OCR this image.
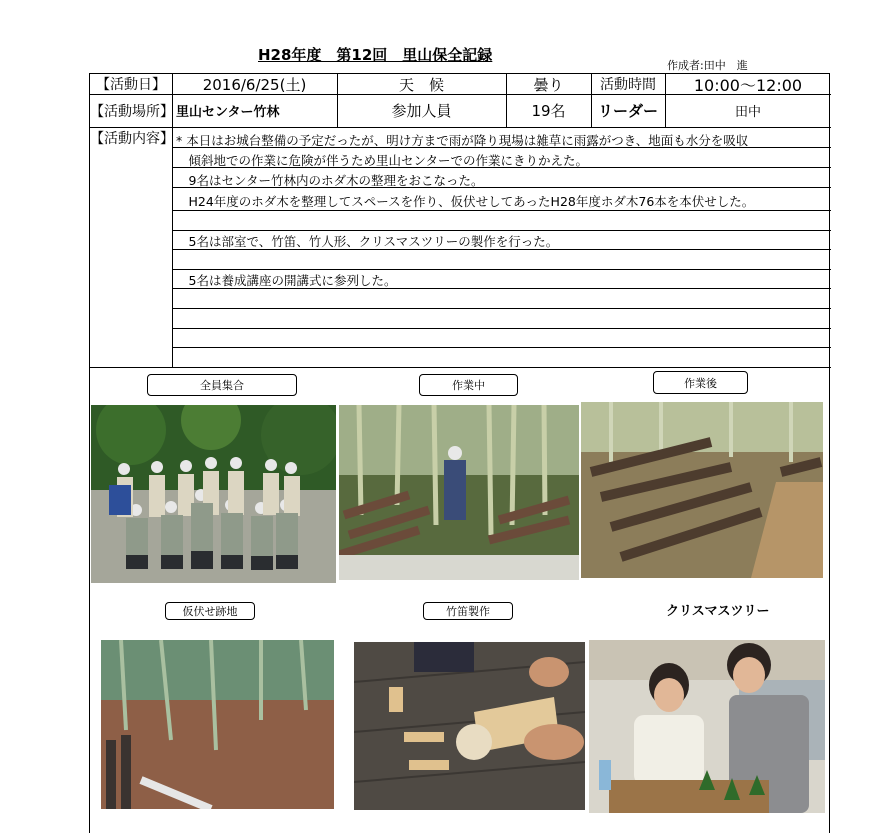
H28年度　第12回　里山保全記録
作成者:田中　進
【活動日】	2016/6/25(土)	天　候	曇り	活動時間	10:00〜12:00
【活動場所】 里山センター竹林	参加人員	19名	リーダー	田中
【活動内容】 * 本日はお城台整備の予定だったが、明け方まで雨が降り現場は雑草に雨露がつき、地面も水分を吸収
　傾斜地での作業に危険が伴うため里山センターでの作業にきりかえた。
　9名はセンター竹林内のホダ木の整理をおこなった。
　H24年度のホダ木を整理してスペースを作り、仮伏せしてあったH28年度ホダ木76本を本伏せした。
　5名は部室で、竹笛、竹人形、クリスマスツリーの製作を行った。
　5名は養成講座の開講式に参列した。
全員集合	作業中	作業後
仮伏せ跡地	竹笛製作	クリスマスツリー
